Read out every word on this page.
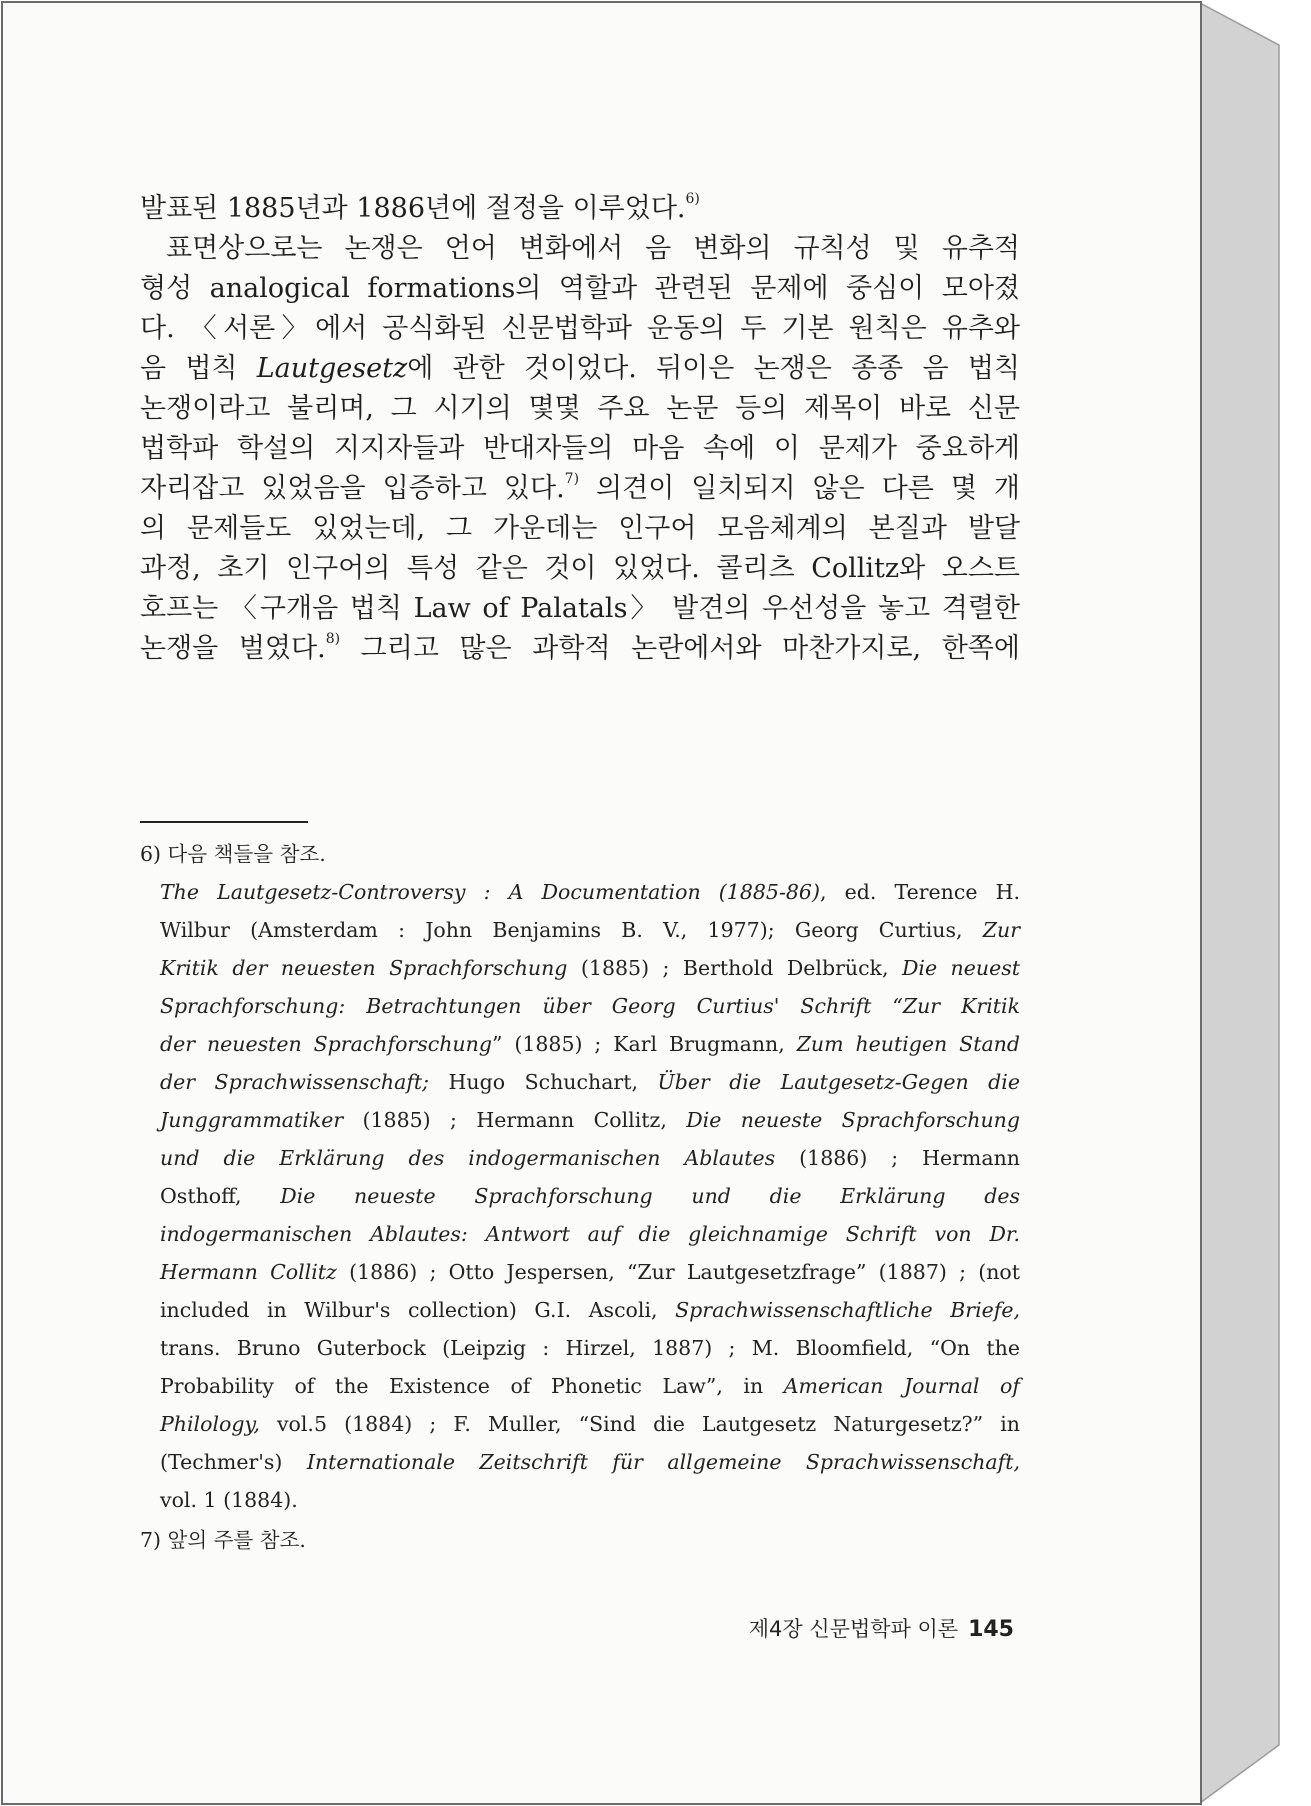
발표된 1885년과 1886년에 절정을 이루었다.$^{6)}$
표면상으로는 논쟁은 언어 변화에서 음 변화의 규칙성 및 유추적
형성 analogical formations의 역할과 관련된 문제에 중심이 모아졌
다. 〈서론〉에서 공식화된 신문법학파 운동의 두 기본 원칙은 유추와
음 법칙 Lautgesetz에 관한 것이었다. 뒤이은 논쟁은 종종 음 법칙
논쟁이라고 불리며, 그 시기의 몇몇 주요 논문 등의 제목이 바로 신문
법학파 학설의 지지자들과 반대자들의 마음 속에 이 문제가 중요하게
자리잡고 있었음을 입증하고 있다.$^{7)}$ 의견이 일치되지 않은 다른 몇 개
의 문제들도 있었는데, 그 가운데는 인구어 모음체계의 본질과 발달
과정, 초기 인구어의 특성 같은 것이 있었다. 콜리츠 Collitz와 오스트
호프는 〈구개음 법칙 Law of Palatals〉 발견의 우선성을 놓고 격렬한
논쟁을 벌였다.$^{8)}$ 그리고 많은 과학적 논란에서와 마찬가지로, 한쪽에
6) 다음 책들을 참조.
The Lautgesetz-Controversy : A Documentation (1885-86), ed. Terence H.
Wilbur (Amsterdam : John Benjamins B. V., 1977); Georg Curtius, Zur
Kritik der neuesten Sprachforschung (1885) ; Berthold Delbrück, Die neuest
Sprachforschung: Betrachtungen über Georg Curtius' Schrift “Zur Kritik
der neuesten Sprachforschung” (1885) ; Karl Brugmann, Zum heutigen Stand
der Sprachwissenschaft; Hugo Schuchart, Über die Lautgesetz-Gegen die
Junggrammatiker (1885) ; Hermann Collitz, Die neueste Sprachforschung
und die Erklärung des indogermanischen Ablautes (1886) ; Hermann
Osthoff, Die neueste Sprachforschung und die Erklärung des
indogermanischen Ablautes: Antwort auf die gleichnamige Schrift von Dr.
Hermann Collitz (1886) ; Otto Jespersen, “Zur Lautgesetzfrage” (1887) ; (not
included in Wilbur's collection) G.I. Ascoli, Sprachwissenschaftliche Briefe,
trans. Bruno Guterbock (Leipzig : Hirzel, 1887) ; M. Bloomfield, “On the
Probability of the Existence of Phonetic Law”, in American Journal of
Philology, vol.5 (1884) ; F. Muller, “Sind die Lautgesetz Naturgesetz?” in
(Techmer's) Internationale Zeitschrift für allgemeine Sprachwissenschaft,
vol. 1 (1884).
7) 앞의 주를 참조.
제4장 신문법학파 이론 145
